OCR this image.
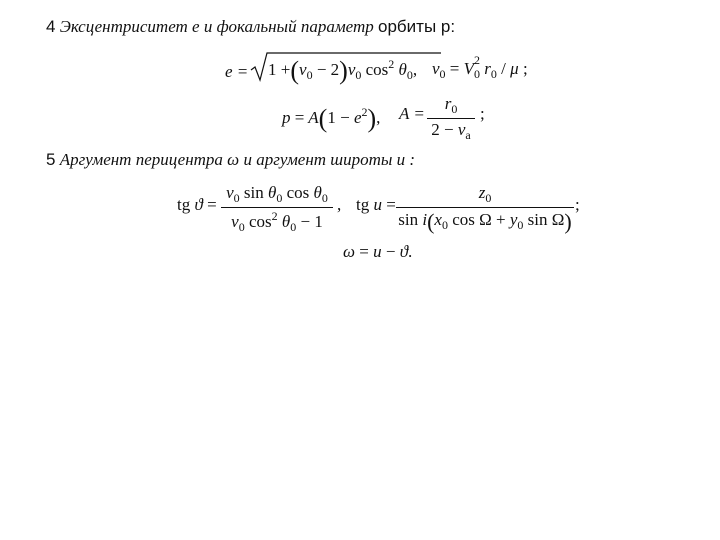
4 Эксцентриситет e и фокальный параметр орбиты p:
$e = 1 +(\nu_0 - 2)\nu_0$ $\cos^2 \theta_0$, $\nu_0 = V$ $_{2 0}$ $r_0$ / μ ;
$p = A(1 - e^2)$, A =
$r_0$
$2 - \nu_a$
;
5 Аргумент перицентра ω и аргумент широты u :
tg ϑ =
$\nu_0$ $\sin \theta_0$ $\cos \theta_0$
$\nu_0$ $\cos^2 \theta_0 - 1$
, tg u =
$z_0$
$\sin i(x_0$ $\cos \Omega + y_0$ sin Ω)
;
ω = u − ϑ.
